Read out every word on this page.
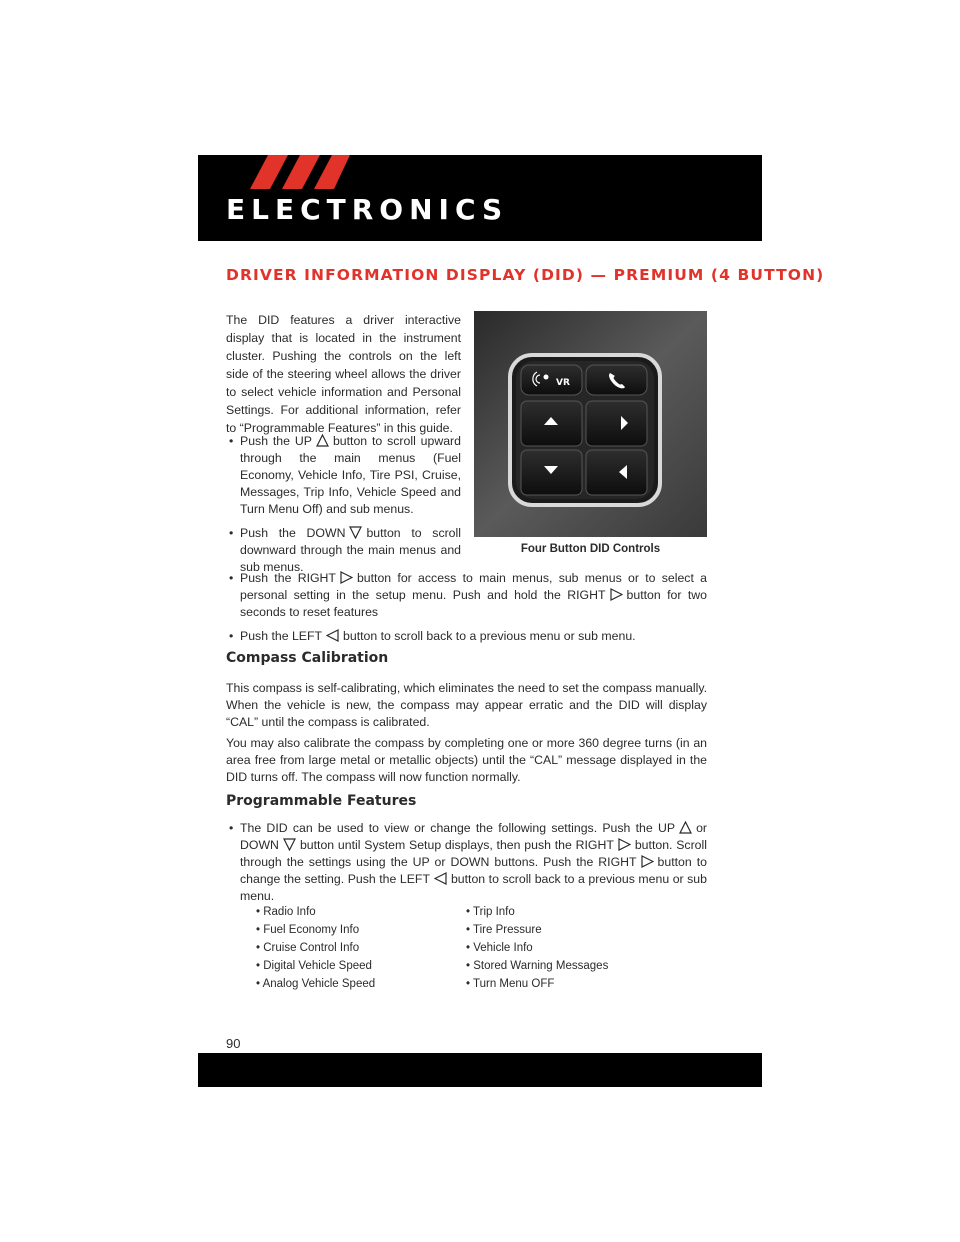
ELECTRONICS
DRIVER INFORMATION DISPLAY (DID) — PREMIUM (4 BUTTON)

The DID features a driver interactive display that is located in the instrument cluster. Pushing the controls on the left side of the steering wheel allows the driver to select vehicle information and Personal Settings. For additional information, refer to “Programmable Features” in this guide.

VR
Four Button DID Controls
• Push the UP button to scroll upward through the main menus (Fuel Economy, Vehicle Info, Tire PSI, Cruise, Messages, Trip Info, Vehicle Speed and Turn Menu Off) and sub menus.
• Push the DOWN button to scroll downward through the main menus and sub menus.
• Push the RIGHT button for access to main menus, sub menus or to select a personal setting in the setup menu. Push and hold the RIGHT button for two seconds to reset features
• Push the LEFT button to scroll back to a previous menu or sub menu.
Compass Calibration

This compass is self-calibrating, which eliminates the need to set the compass manually. When the vehicle is new, the compass may appear erratic and the DID will display “CAL” until the compass is calibrated.

You may also calibrate the compass by completing one or more 360 degree turns (in an area free from large metal or metallic objects) until the “CAL” message displayed in the DID turns off. The compass will now function normally.

Programmable Features
• The DID can be used to view or change the following settings. Push the UP or DOWN button until System Setup displays, then push the RIGHT button. Scroll through the settings using the UP or DOWN buttons. Push the RIGHT button to change the setting. Push the LEFT button to scroll back to a previous menu or sub menu.
• Radio Info	• Trip Info
• Fuel Economy Info	• Tire Pressure
• Cruise Control Info	• Vehicle Info
• Digital Vehicle Speed	• Stored Warning Messages
• Analog Vehicle Speed	• Turn Menu OFF
90
